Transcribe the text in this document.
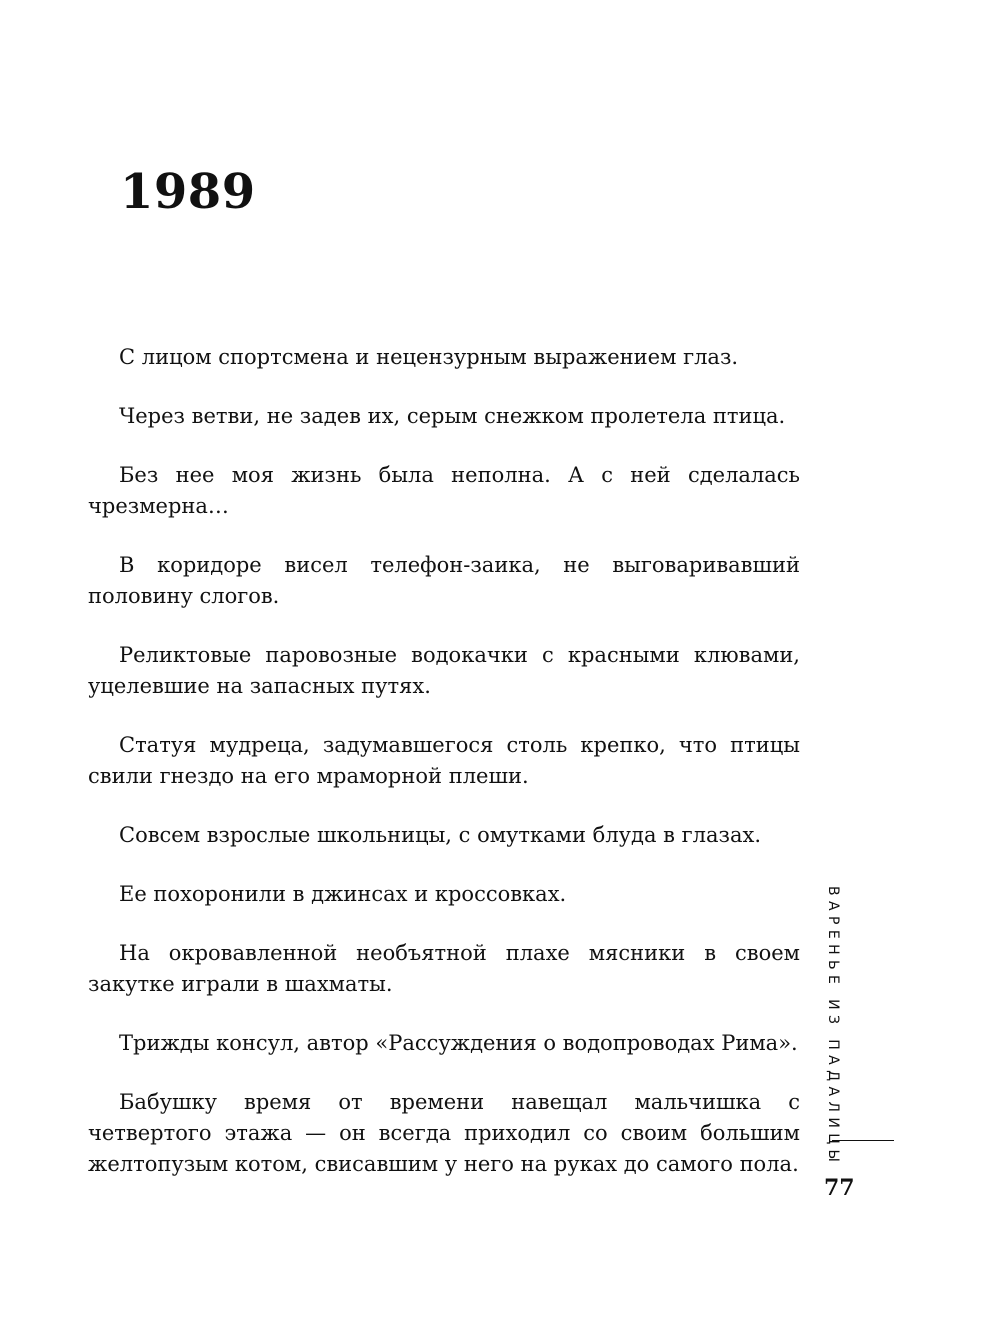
1989

С лицом спортсмена и нецензурным выражением глаз.

Через ветви, не задев их, серым снежком пролетела птица.

Без нее моя жизнь была неполна. А с ней сделалась чрезмерна…

В коридоре висел телефон-заика, не выговаривавший половину слогов.

Реликтовые паровозные водокачки с красными клювами, уцелевшие на запасных путях.

Статуя мудреца, задумавшегося столь крепко, что птицы свили гнездо на его мраморной плеши.

Совсем взрослые школьницы, с омутками блуда в глазах.

Ее похоронили в джинсах и кроссовках.

На окровавленной необъятной плахе мясники в своем закутке играли в шахматы.

Трижды консул, автор «Рассуждения о водопроводах Рима».

Бабушку время от времени навещал мальчишка с четвертого этажа — он всегда приходил со своим большим желтопузым котом, свисавшим у него на руках до самого пола.	ВАРЕНЬЕ ИЗ ПАДАЛИЦЫ
77
